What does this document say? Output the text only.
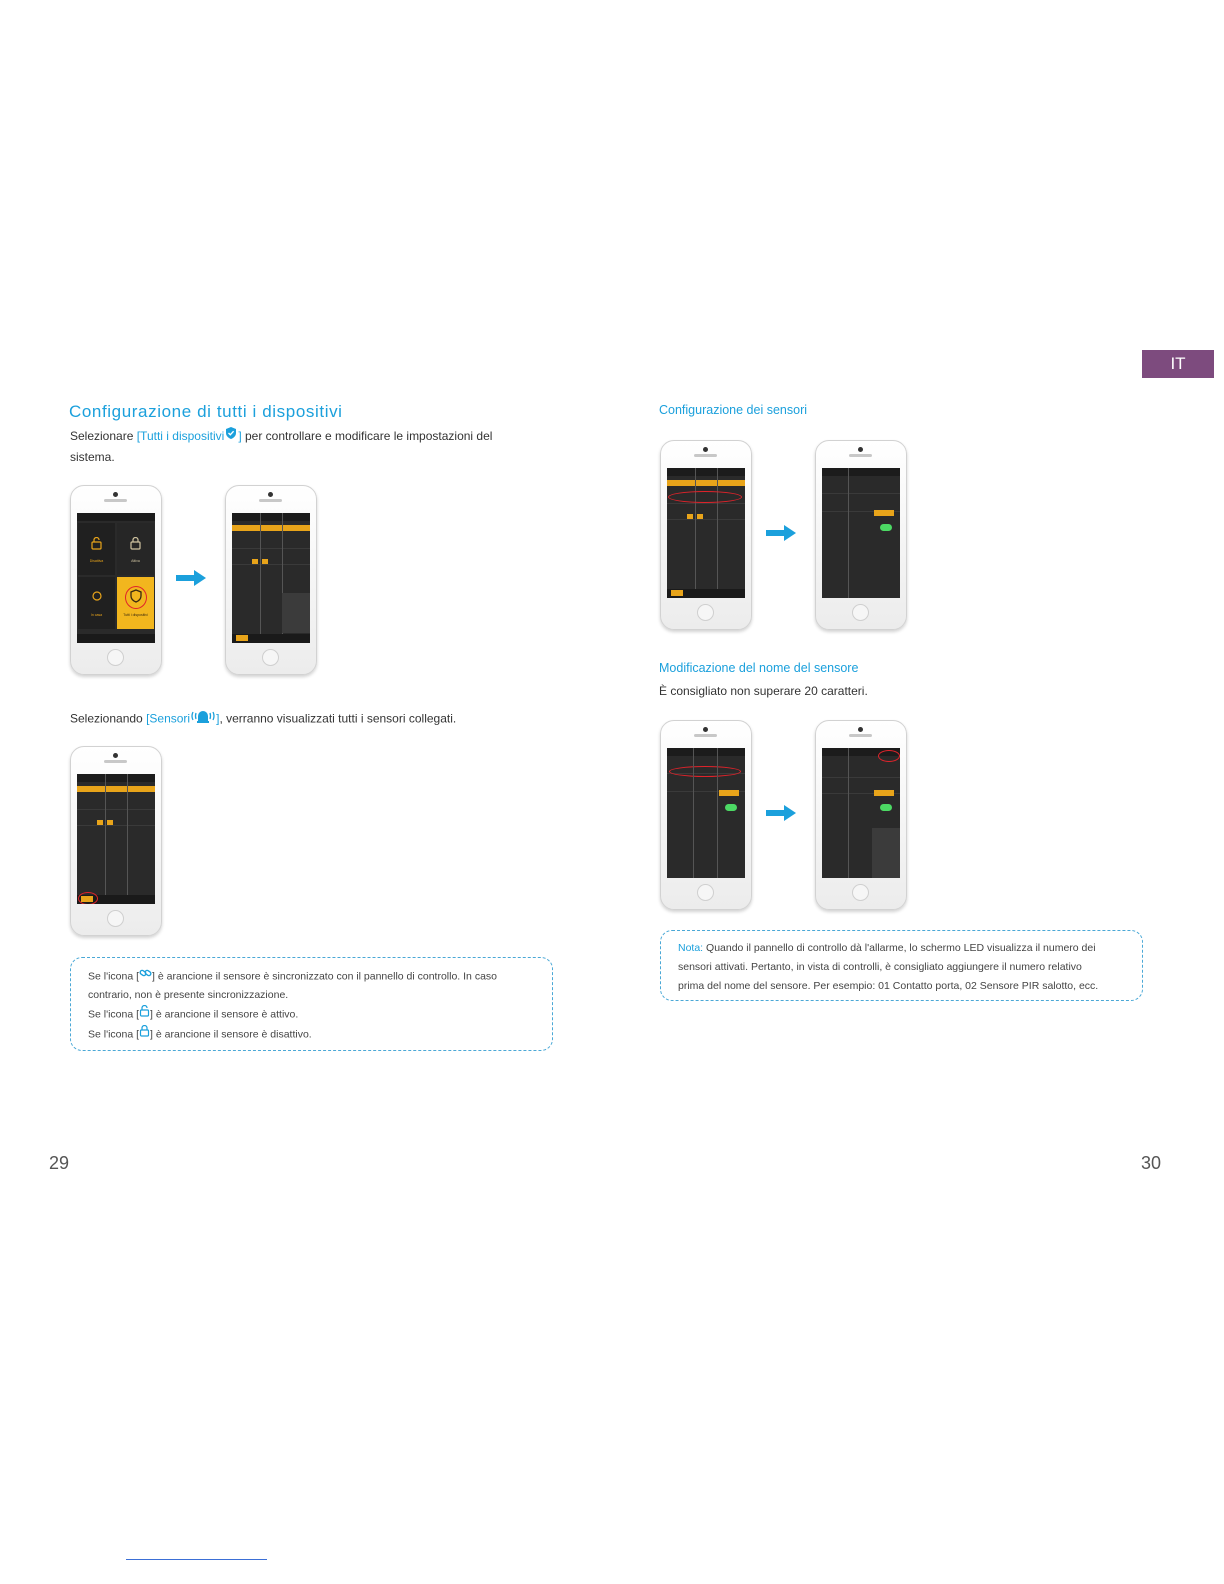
IT
Configurazione di tutti i dispositivi
Selezionare [Tutti i dispositivi ] per controllare e modificare le impostazioni del
sistema.
Disattiva	Attiva
In casa	Tutti i dispositivi
Selezionando [Sensori ], verranno visualizzati tutti i sensori collegati.
Se l'icona [ ] è arancione il sensore è sincronizzato con il pannello di controllo. In caso
contrario, non è presente sincronizzazione.
Se l'icona [ ] è arancione il sensore è attivo.
Se l'icona [ ] è arancione il sensore è disattivo.
29
Configurazione dei sensori
Modificazione del nome del sensore
È consigliato non superare 20 caratteri.
Nota: Quando il pannello di controllo dà l'allarme, lo schermo LED visualizza il numero dei
sensori attivati. Pertanto, in vista di controlli, è consigliato aggiungere il numero relativo
prima del nome del sensore. Per esempio: 01 Contatto porta, 02 Sensore PIR salotto, ecc.
30
